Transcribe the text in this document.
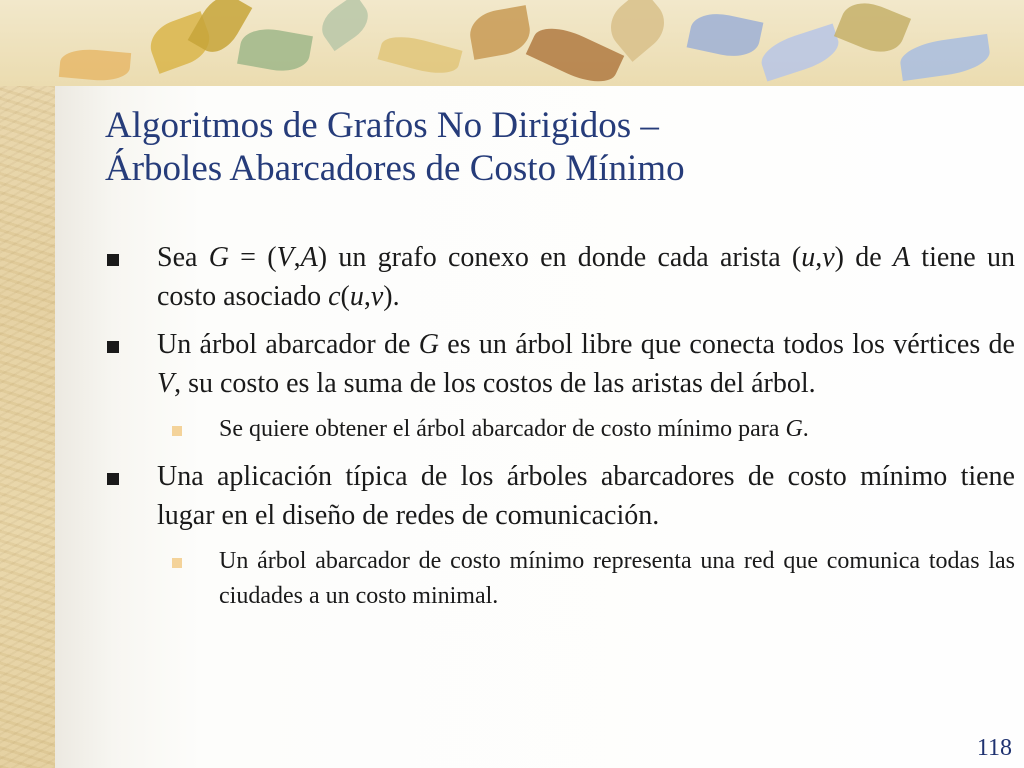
Algoritmos de Grafos No Dirigidos –
Árboles Abarcadores de Costo Mínimo
Sea G = (V,A) un grafo conexo en donde cada arista (u,v) de A tiene un costo asociado c(u,v).
Un árbol abarcador de G es un árbol libre que conecta todos los vértices de V, su costo es la suma de los costos de las aristas del árbol.
Se quiere obtener el árbol abarcador de costo mínimo para G.
Una aplicación típica de los árboles abarcadores de costo mínimo tiene lugar en el diseño de redes de comunicación.
Un árbol abarcador de costo mínimo representa una red que comunica todas las ciudades a un costo minimal.
118
